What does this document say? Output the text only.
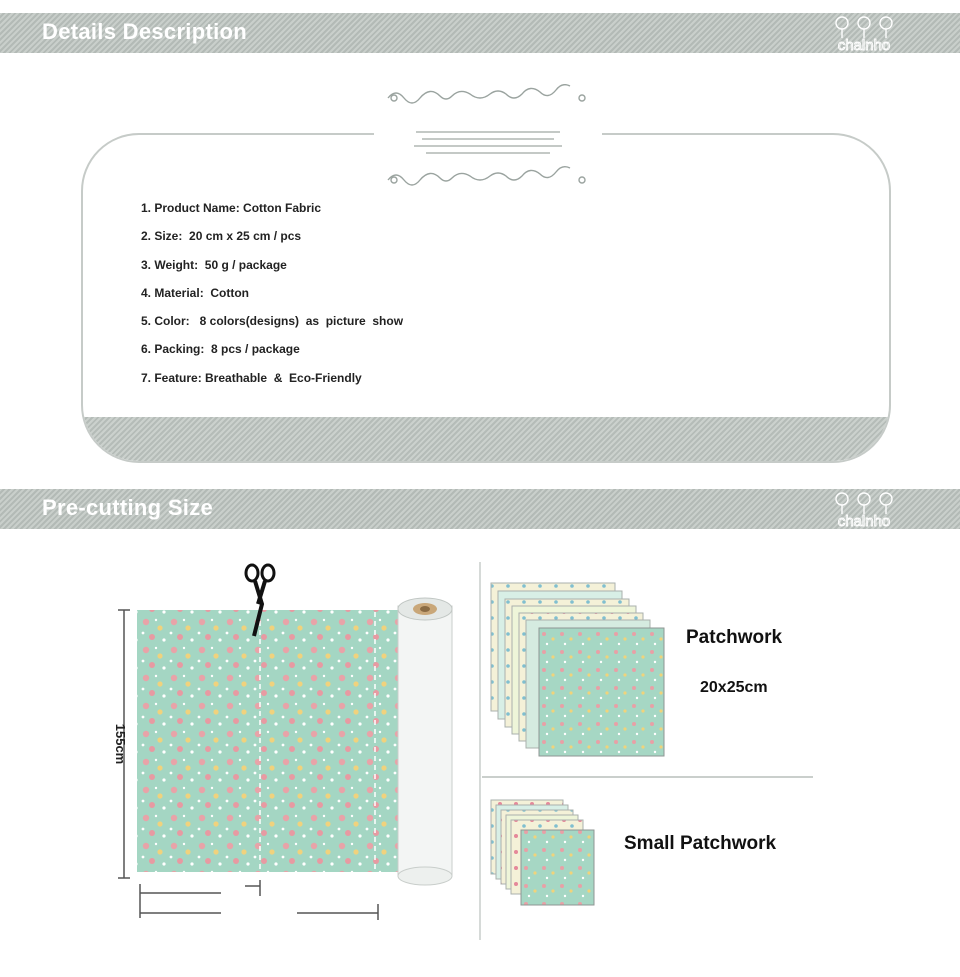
Details Description
chalnho
1. Product Name: Cotton Fabric
2. Size:  20 cm x 25 cm / pcs
3. Weight:  50 g / package
4. Material:  Cotton
5. Color:   8 colors(designs)  as  picture  show
6. Packing:  8 pcs / package
7. Feature: Breathable  &  Eco-Friendly
Pre-cutting Size
chalnho
155cm
Patchwork
20x25cm
Small Patchwork
